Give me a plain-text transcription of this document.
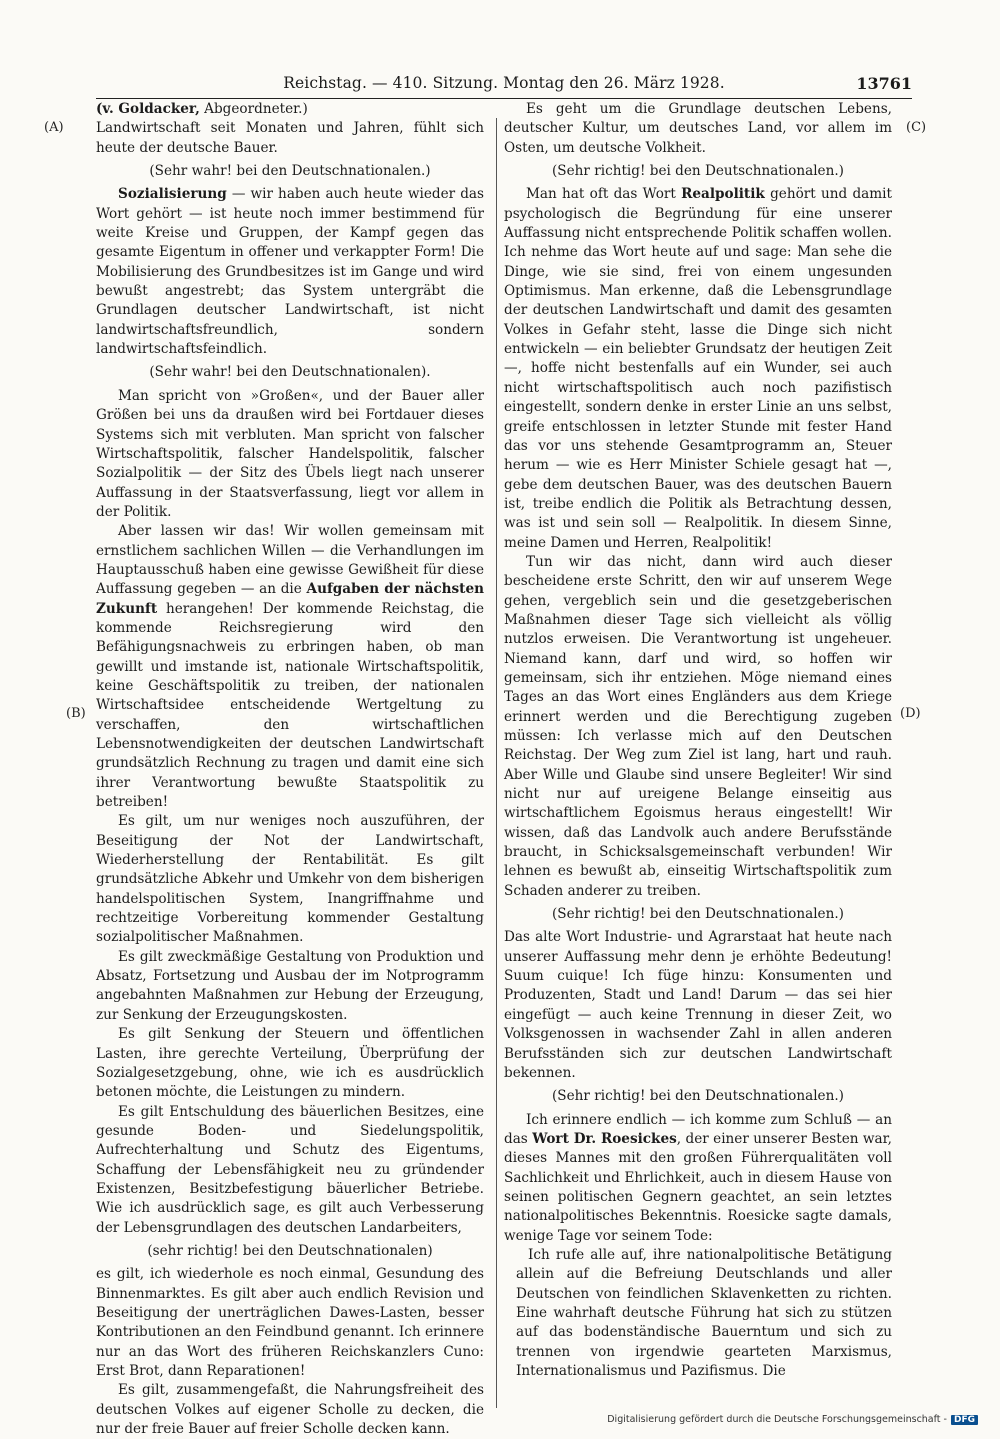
Reichstag. — 410. Sitzung. Montag den 26. März 1928.	13761
(A)
(B)
(C)
(D)

(v. Goldacker, Abgeordneter.)

Landwirtschaft seit Monaten und Jahren, fühlt sich heute der deutsche Bauer.

(Sehr wahr! bei den Deutschnationalen.)

Sozialisierung — wir haben auch heute wieder das Wort gehört — ist heute noch immer bestimmend für weite Kreise und Gruppen, der Kampf gegen das gesamte Eigentum in offener und verkappter Form! Die Mobilisierung des Grundbesitzes ist im Gange und wird bewußt angestrebt; das System untergräbt die Grundlagen deutscher Landwirtschaft, ist nicht landwirtschaftsfreundlich, sondern landwirtschaftsfeindlich.

(Sehr wahr! bei den Deutschnationalen).

Man spricht von »Großen«, und der Bauer aller Größen bei uns da draußen wird bei Fortdauer dieses Systems sich mit verbluten. Man spricht von falscher Wirtschaftspolitik, falscher Handelspolitik, falscher Sozialpolitik — der Sitz des Übels liegt nach unserer Auffassung in der Staatsverfassung, liegt vor allem in der Politik.

Aber lassen wir das! Wir wollen gemeinsam mit ernstlichem sachlichen Willen — die Verhandlungen im Hauptausschuß haben eine gewisse Gewißheit für diese Auffassung gegeben — an die Aufgaben der nächsten Zukunft herangehen! Der kommende Reichstag, die kommende Reichsregierung wird den Befähigungsnachweis zu erbringen haben, ob man gewillt und imstande ist, nationale Wirtschaftspolitik, keine Geschäftspolitik zu treiben, der nationalen Wirtschaftsidee entscheidende Wertgeltung zu verschaffen, den wirtschaftlichen Lebensnotwendigkeiten der deutschen Landwirtschaft grundsätzlich Rechnung zu tragen und damit eine sich ihrer Verantwortung bewußte Staatspolitik zu betreiben!

Es gilt, um nur weniges noch auszuführen, der Beseitigung der Not der Landwirtschaft, Wiederherstellung der Rentabilität. Es gilt grundsätzliche Abkehr und Umkehr von dem bisherigen handelspolitischen System, Inangriffnahme und rechtzeitige Vorbereitung kommender Gestaltung sozialpolitischer Maßnahmen.

Es gilt zweckmäßige Gestaltung von Produktion und Absatz, Fortsetzung und Ausbau der im Notprogramm angebahnten Maßnahmen zur Hebung der Erzeugung, zur Senkung der Erzeugungskosten.

Es gilt Senkung der Steuern und öffentlichen Lasten, ihre gerechte Verteilung, Überprüfung der Sozialgesetzgebung, ohne, wie ich es ausdrücklich betonen möchte, die Leistungen zu mindern.

Es gilt Entschuldung des bäuerlichen Besitzes, eine gesunde Boden- und Siedelungspolitik, Aufrechterhaltung und Schutz des Eigentums, Schaffung der Lebensfähigkeit neu zu gründender Existenzen, Besitzbefestigung bäuerlicher Betriebe. Wie ich ausdrücklich sage, es gilt auch Verbesserung der Lebensgrundlagen des deutschen Landarbeiters,

(sehr richtig! bei den Deutschnationalen)

es gilt, ich wiederhole es noch einmal, Gesundung des Binnenmarktes. Es gilt aber auch endlich Revision und Beseitigung der unerträglichen Dawes-Lasten, besser Kontributionen an den Feindbund genannt. Ich erinnere nur an das Wort des früheren Reichskanzlers Cuno: Erst Brot, dann Reparationen!

Es gilt, zusammengefaßt, die Nahrungsfreiheit des deutschen Volkes auf eigener Scholle zu decken, die nur der freie Bauer auf freier Scholle decken kann.

Es geht um die Grundlage deutschen Lebens, deutscher Kultur, um deutsches Land, vor allem im Osten, um deutsche Volkheit.

(Sehr richtig! bei den Deutschnationalen.)

Man hat oft das Wort Realpolitik gehört und damit psychologisch die Begründung für eine unserer Auffassung nicht entsprechende Politik schaffen wollen. Ich nehme das Wort heute auf und sage: Man sehe die Dinge, wie sie sind, frei von einem ungesunden Optimismus. Man erkenne, daß die Lebensgrundlage der deutschen Landwirtschaft und damit des gesamten Volkes in Gefahr steht, lasse die Dinge sich nicht entwickeln — ein beliebter Grundsatz der heutigen Zeit —, hoffe nicht bestenfalls auf ein Wunder, sei auch nicht wirtschaftspolitisch auch noch pazifistisch eingestellt, sondern denke in erster Linie an uns selbst, greife entschlossen in letzter Stunde mit fester Hand das vor uns stehende Gesamtprogramm an, Steuer herum — wie es Herr Minister Schiele gesagt hat —, gebe dem deutschen Bauer, was des deutschen Bauern ist, treibe endlich die Politik als Betrachtung dessen, was ist und sein soll — Realpolitik. In diesem Sinne, meine Damen und Herren, Realpolitik!

Tun wir das nicht, dann wird auch dieser bescheidene erste Schritt, den wir auf unserem Wege gehen, vergeblich sein und die gesetzgeberischen Maßnahmen dieser Tage sich vielleicht als völlig nutzlos erweisen. Die Verantwortung ist ungeheuer. Niemand kann, darf und wird, so hoffen wir gemeinsam, sich ihr entziehen. Möge niemand eines Tages an das Wort eines Engländers aus dem Kriege erinnert werden und die Berechtigung zugeben müssen: Ich verlasse mich auf den Deutschen Reichstag. Der Weg zum Ziel ist lang, hart und rauh. Aber Wille und Glaube sind unsere Begleiter! Wir sind nicht nur auf ureigene Belange einseitig aus wirtschaftlichem Egoismus heraus eingestellt! Wir wissen, daß das Landvolk auch andere Berufsstände braucht, in Schicksalsgemeinschaft verbunden! Wir lehnen es bewußt ab, einseitig Wirtschaftspolitik zum Schaden anderer zu treiben.

(Sehr richtig! bei den Deutschnationalen.)

Das alte Wort Industrie- und Agrarstaat hat heute nach unserer Auffassung mehr denn je erhöhte Bedeutung! Suum cuique! Ich füge hinzu: Konsumenten und Produzenten, Stadt und Land! Darum — das sei hier eingefügt — auch keine Trennung in dieser Zeit, wo Volksgenossen in wachsender Zahl in allen anderen Berufsständen sich zur deutschen Landwirtschaft bekennen.

(Sehr richtig! bei den Deutschnationalen.)

Ich erinnere endlich — ich komme zum Schluß — an das Wort Dr. Roesickes, der einer unserer Besten war, dieses Mannes mit den großen Führerqualitäten voll Sachlichkeit und Ehrlichkeit, auch in diesem Hause von seinen politischen Gegnern geachtet, an sein letztes nationalpolitisches Bekenntnis. Roesicke sagte damals, wenige Tage vor seinem Tode:

Ich rufe alle auf, ihre nationalpolitische Betätigung allein auf die Befreiung Deutschlands und aller Deutschen von feindlichen Sklavenketten zu richten. Eine wahrhaft deutsche Führung hat sich zu stützen auf das bodenständische Bauerntum und sich zu trennen von irgendwie gearteten Marxismus, Internationalismus und Pazifismus. Die

Digitalisierung gefördert durch die Deutsche Forschungsgemeinschaft - DFG
